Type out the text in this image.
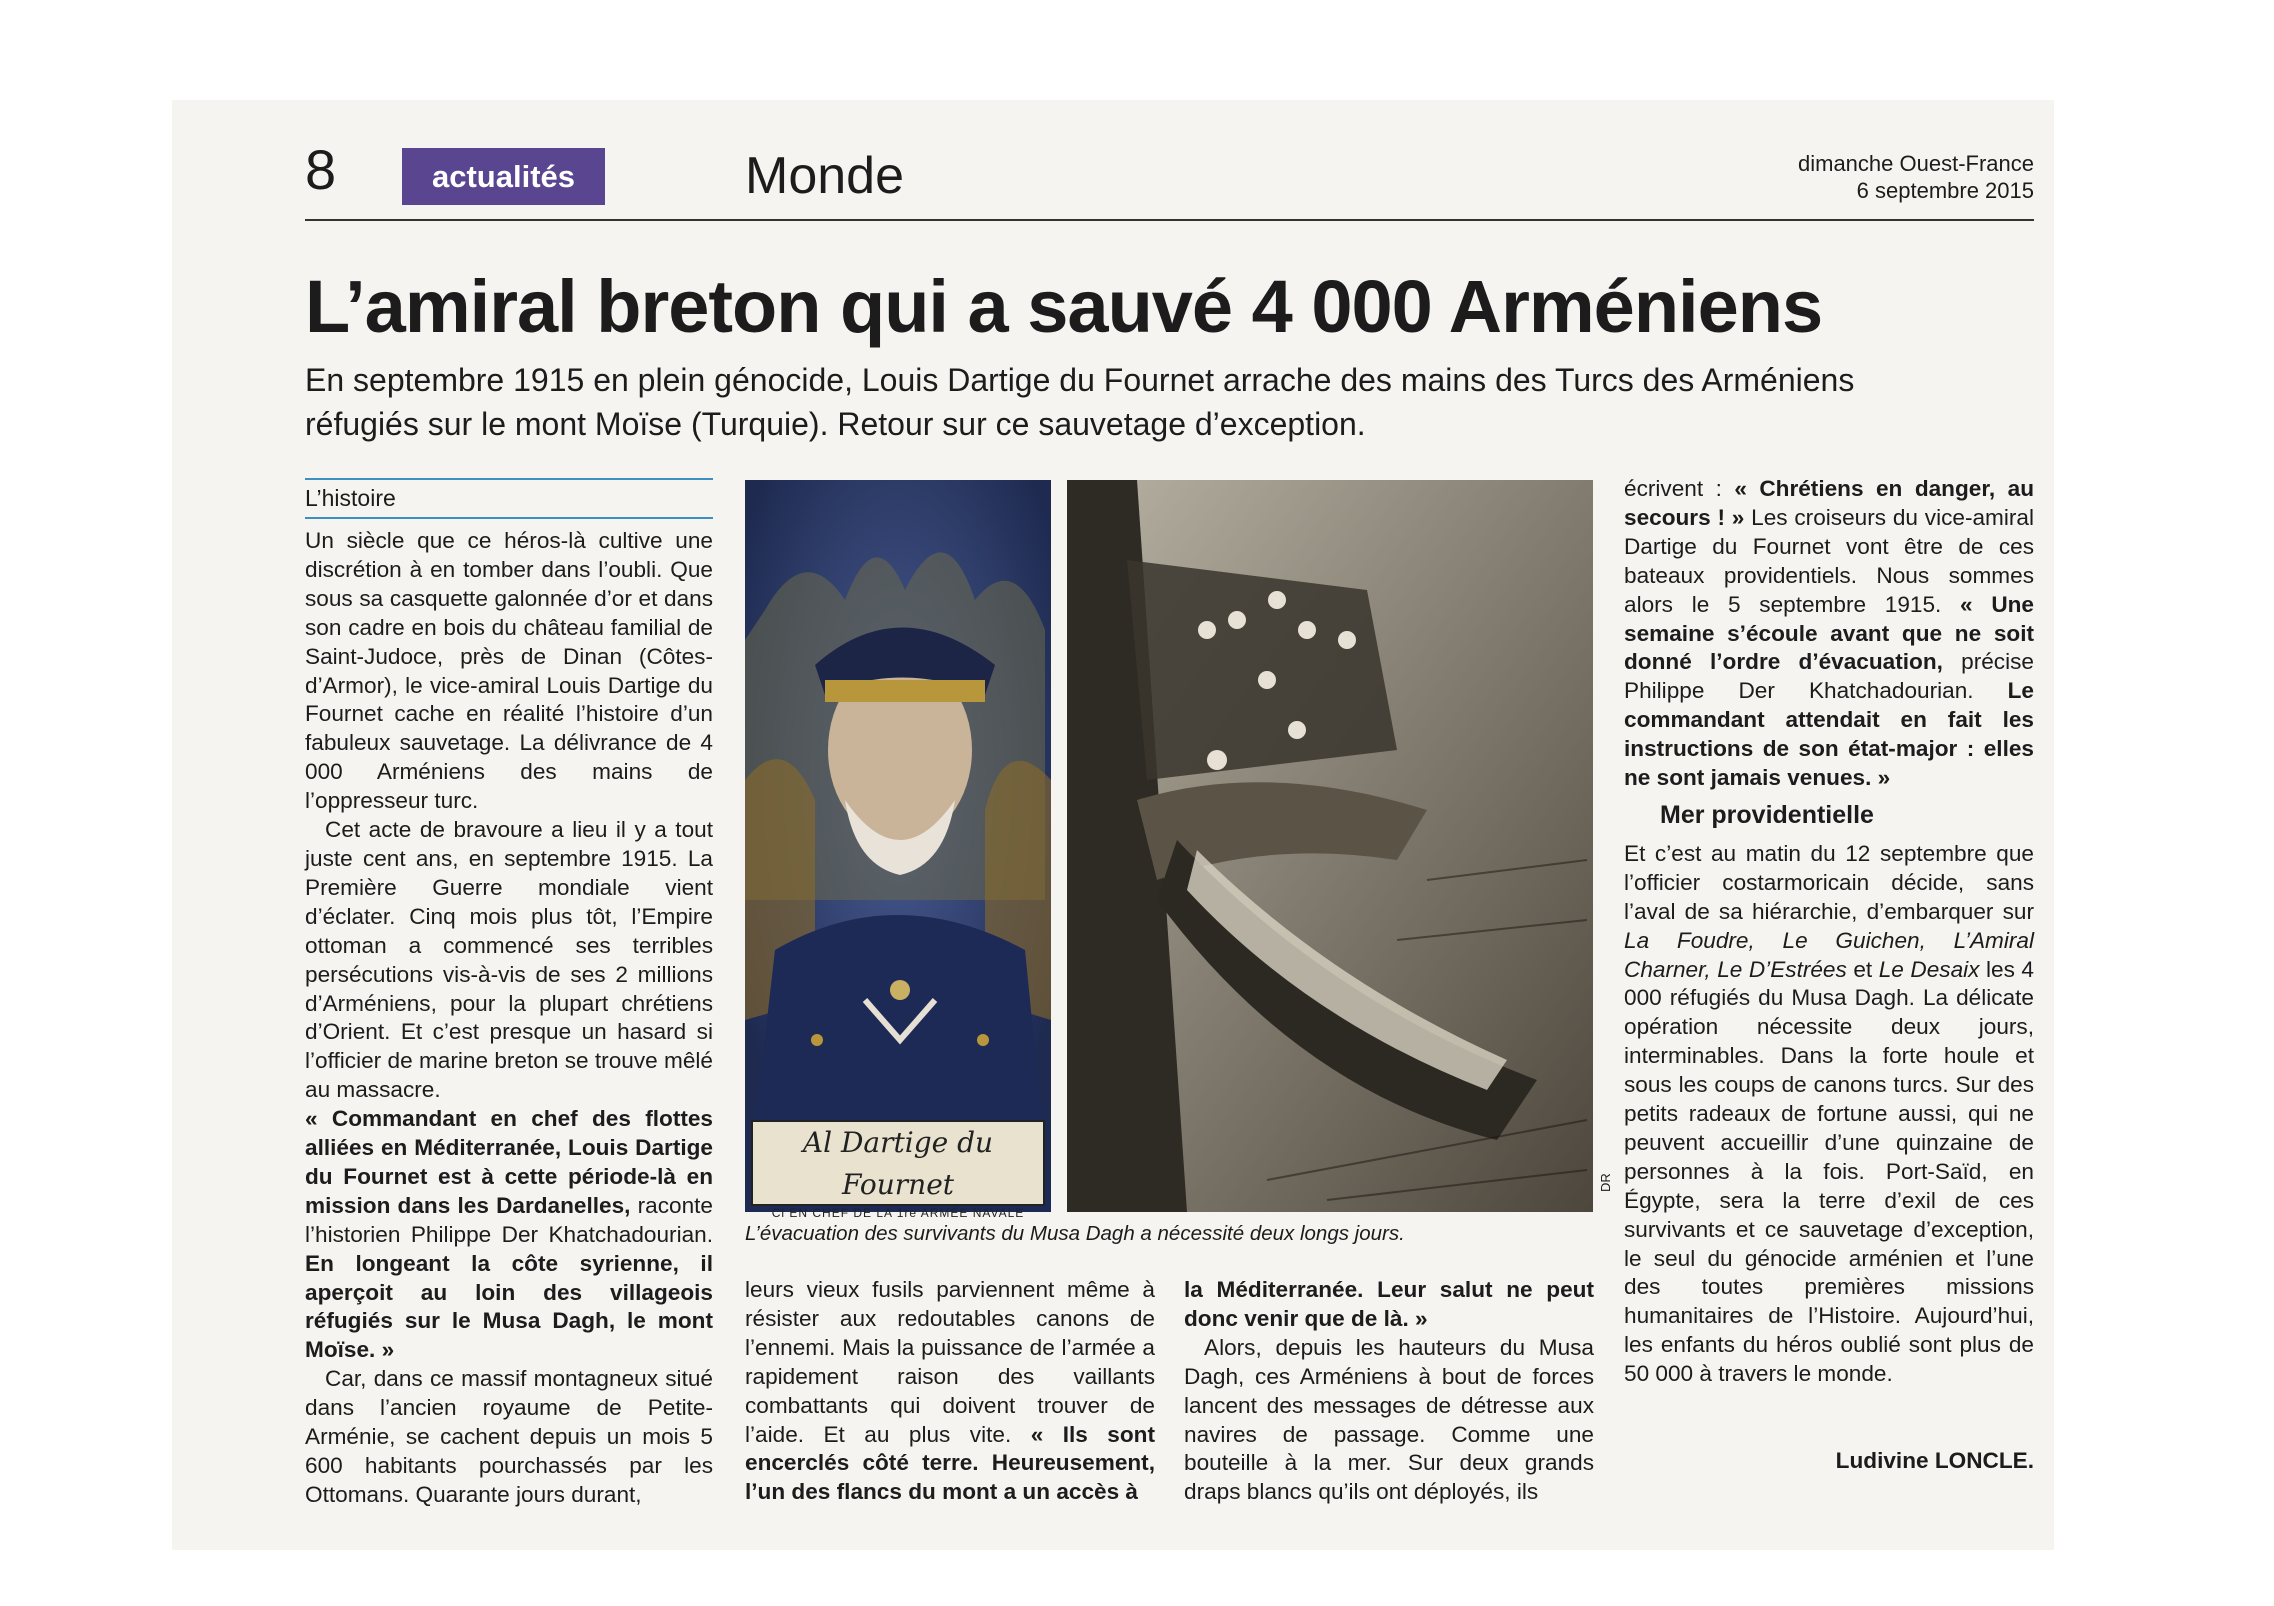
8	actualités	Monde	dimanche Ouest-France
6 septembre 2015
L’amiral breton qui a sauvé 4 000 Arméniens
En septembre 1915 en plein génocide, Louis Dartige du Fournet arrache des mains des Turcs des Arméniens réfugiés sur le mont Moïse (Turquie). Retour sur ce sauvetage d’exception.
L’histoire

Un siècle que ce héros-là cultive une discrétion à en tomber dans l’oubli. Que sous sa casquette galonnée d’or et dans son cadre en bois du château familial de Saint-Judoce, près de Dinan (Côtes-d’Armor), le vice-amiral Louis Dartige du Fournet cache en réalité l’histoire d’un fabuleux sauvetage. La délivrance de 4 000 Arméniens des mains de l’oppresseur turc.

Cet acte de bravoure a lieu il y a tout juste cent ans, en septembre 1915. La Première Guerre mondiale vient d’éclater. Cinq mois plus tôt, l’Empire ottoman a commencé ses terribles persécutions vis-à-vis de ses 2 millions d’Arméniens, pour la plupart chrétiens d’Orient. Et c’est presque un hasard si l’officier de marine breton se trouve mêlé au massacre.

« Commandant en chef des flottes alliées en Méditerranée, Louis Dartige du Fournet est à cette période-là en mission dans les Dardanelles, raconte l’historien Philippe Der Khatchadourian. En longeant la côte syrienne, il aperçoit au loin des villageois réfugiés sur le Musa Dagh, le mont Moïse. »

Car, dans ce massif montagneux situé dans l’ancien royaume de Petite-Arménie, se cachent depuis un mois 5 600 habitants pourchassés par les Ottomans. Quarante jours durant,

Al Dartige du Fournet
Cl EN CHEF DE LA 1re ARMÉE NAVALE
DR
L’évacuation des survivants du Musa Dagh a nécessité deux longs jours.

leurs vieux fusils parviennent même à résister aux redoutables canons de l’ennemi. Mais la puissance de l’armée a rapidement raison des vaillants combattants qui doivent trouver de l’aide. Et au plus vite. « Ils sont encerclés côté terre. Heureusement, l’un des flancs du mont a un accès à

la Méditerranée. Leur salut ne peut donc venir que de là. »

Alors, depuis les hauteurs du Musa Dagh, ces Arméniens à bout de forces lancent des messages de détresse aux navires de passage. Comme une bouteille à la mer. Sur deux grands draps blancs qu’ils ont déployés, ils

écrivent : « Chrétiens en danger, au secours ! » Les croiseurs du vice-amiral Dartige du Fournet vont être de ces bateaux providentiels. Nous sommes alors le 5 septembre 1915. « Une semaine s’écoule avant que ne soit donné l’ordre d’évacuation, précise Philippe Der Khatchadourian. Le commandant attendait en fait les instructions de son état-major : elles ne sont jamais venues. »

Mer providentielle

Et c’est au matin du 12 septembre que l’officier costarmoricain décide, sans l’aval de sa hiérarchie, d’embarquer sur La Foudre, Le Guichen, L’Amiral Charner, Le D’Estrées et Le Desaix les 4 000 réfugiés du Musa Dagh. La délicate opération nécessite deux jours, interminables. Dans la forte houle et sous les coups de canons turcs. Sur des petits radeaux de fortune aussi, qui ne peuvent accueillir d’une quinzaine de personnes à la fois. Port-Saïd, en Égypte, sera la terre d’exil de ces survivants et ce sauvetage d’exception, le seul du génocide arménien et l’une des toutes premières missions humanitaires de l’Histoire. Aujourd’hui, les enfants du héros oublié sont plus de 50 000 à travers le monde.

Ludivine LONCLE.
